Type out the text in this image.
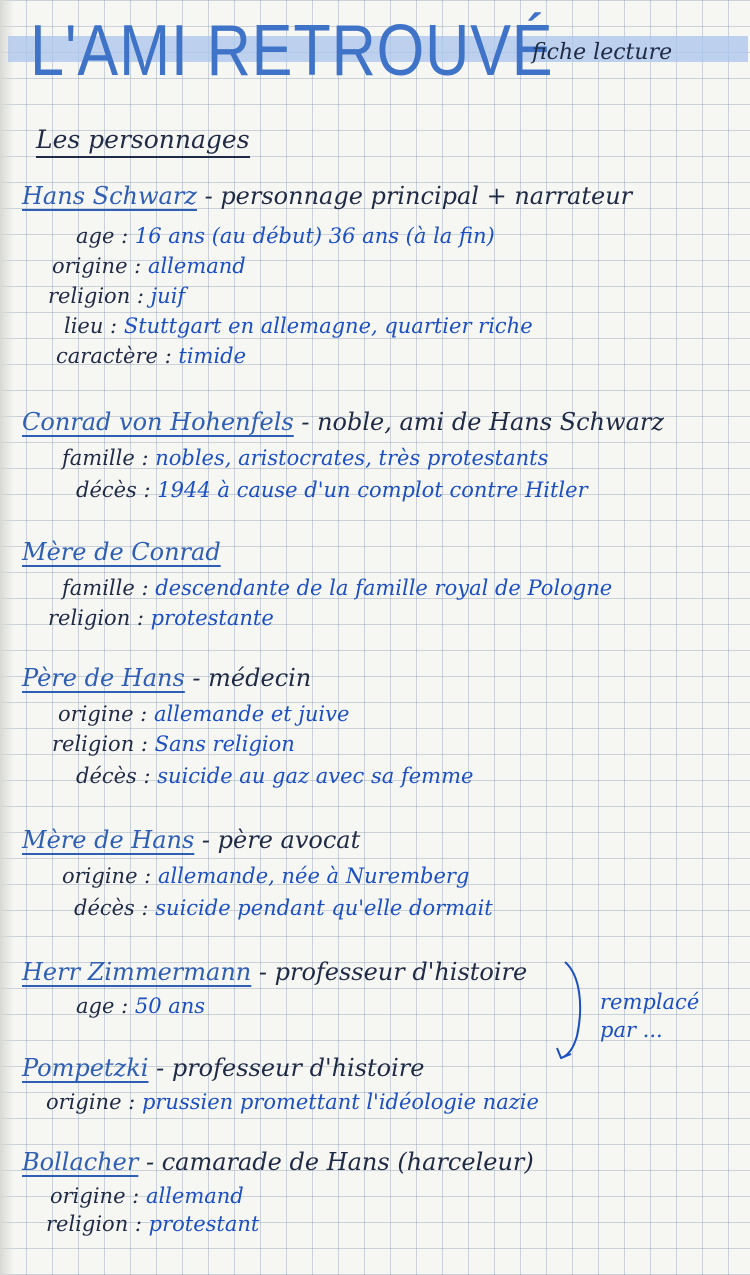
L'AMI RETROUVÉ
fiche lecture
Les personnages
Hans Schwarz - personnage principal + narrateur
age : 16 ans (au début) 36 ans (à la fin)
origine : allemand
religion : juif
lieu : Stuttgart en allemagne, quartier riche
caractère : timide
Conrad von Hohenfels - noble, ami de Hans Schwarz
famille : nobles, aristocrates, très protestants
décès : 1944 à cause d'un complot contre Hitler
Mère de Conrad
famille : descendante de la famille royal de Pologne
religion : protestante
Père de Hans - médecin
origine : allemande et juive
religion : Sans religion
décès : suicide au gaz avec sa femme
Mère de Hans - père avocat
origine : allemande, née à Nuremberg
décès : suicide pendant qu'elle dormait
Herr Zimmermann - professeur d'histoire
age : 50 ans	remplacé
par ...
Pompetzki - professeur d'histoire
origine : prussien promettant l'idéologie nazie
Bollacher - camarade de Hans (harceleur)
origine : allemand
religion : protestant
